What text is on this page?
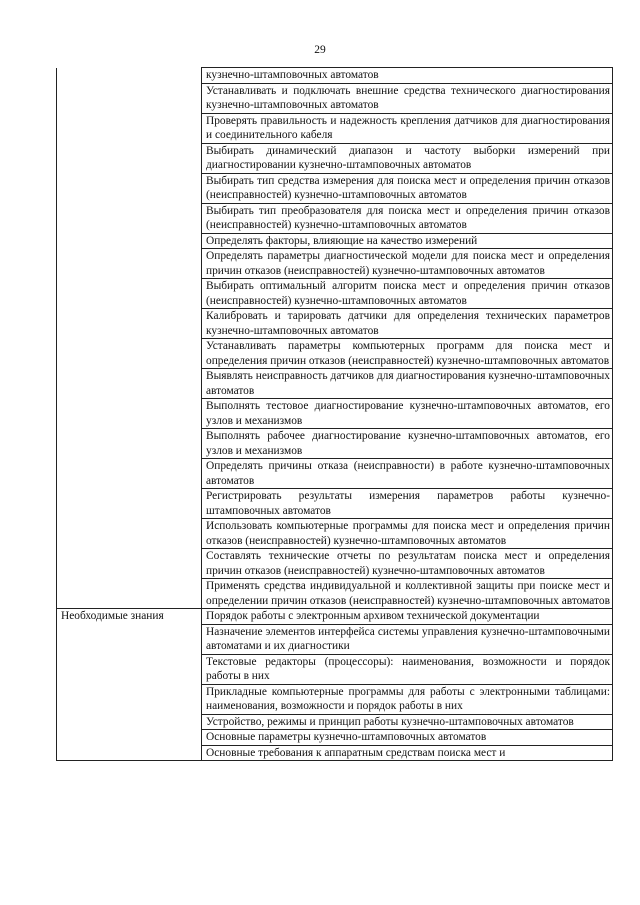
29
	кузнечно-штамповочных автоматов
	Устанавливать и подключать внешние средства технического диагностирования кузнечно-штамповочных автоматов
	Проверять правильность и надежность крепления датчиков для диагностирования и соединительного кабеля
	Выбирать динамический диапазон и частоту выборки измерений при диагностировании кузнечно-штамповочных автоматов
	Выбирать тип средства измерения для поиска мест и определения причин отказов (неисправностей) кузнечно-штамповочных автоматов
	Выбирать тип преобразователя для поиска мест и определения причин отказов (неисправностей) кузнечно-штамповочных автоматов
	Определять факторы, влияющие на качество измерений
	Определять параметры диагностической модели для поиска мест и определения причин отказов (неисправностей) кузнечно-штамповочных автоматов
	Выбирать оптимальный алгоритм поиска мест и определения причин отказов (неисправностей) кузнечно-штамповочных автоматов
	Калибровать и тарировать датчики для определения технических параметров кузнечно-штамповочных автоматов
	Устанавливать параметры компьютерных программ для поиска мест и определения причин отказов (неисправностей) кузнечно-штамповочных автоматов
	Выявлять неисправность датчиков для диагностирования кузнечно-штамповочных автоматов
	Выполнять тестовое диагностирование кузнечно-штамповочных автоматов, его узлов и механизмов
	Выполнять рабочее диагностирование кузнечно-штамповочных автоматов, его узлов и механизмов
	Определять причины отказа (неисправности) в работе кузнечно-штамповочных автоматов
	Регистрировать результаты измерения параметров работы кузнечно-штамповочных автоматов
	Использовать компьютерные программы для поиска мест и определения причин отказов (неисправностей) кузнечно-штамповочных автоматов
	Составлять технические отчеты по результатам поиска мест и определения причин отказов (неисправностей) кузнечно-штамповочных автоматов
	Применять средства индивидуальной и коллективной защиты при поиске мест и определении причин отказов (неисправностей) кузнечно-штамповочных автоматов
Необходимые знания	Порядок работы с электронным архивом технической документации
	Назначение элементов интерфейса системы управления кузнечно-штамповочными автоматами и их диагностики
	Текстовые редакторы (процессоры): наименования, возможности и порядок работы в них
	Прикладные компьютерные программы для работы с электронными таблицами: наименования, возможности и порядок работы в них
	Устройство, режимы и принцип работы кузнечно-штамповочных автоматов
	Основные параметры кузнечно-штамповочных автоматов
	Основные требования к аппаратным средствам поиска мест и
